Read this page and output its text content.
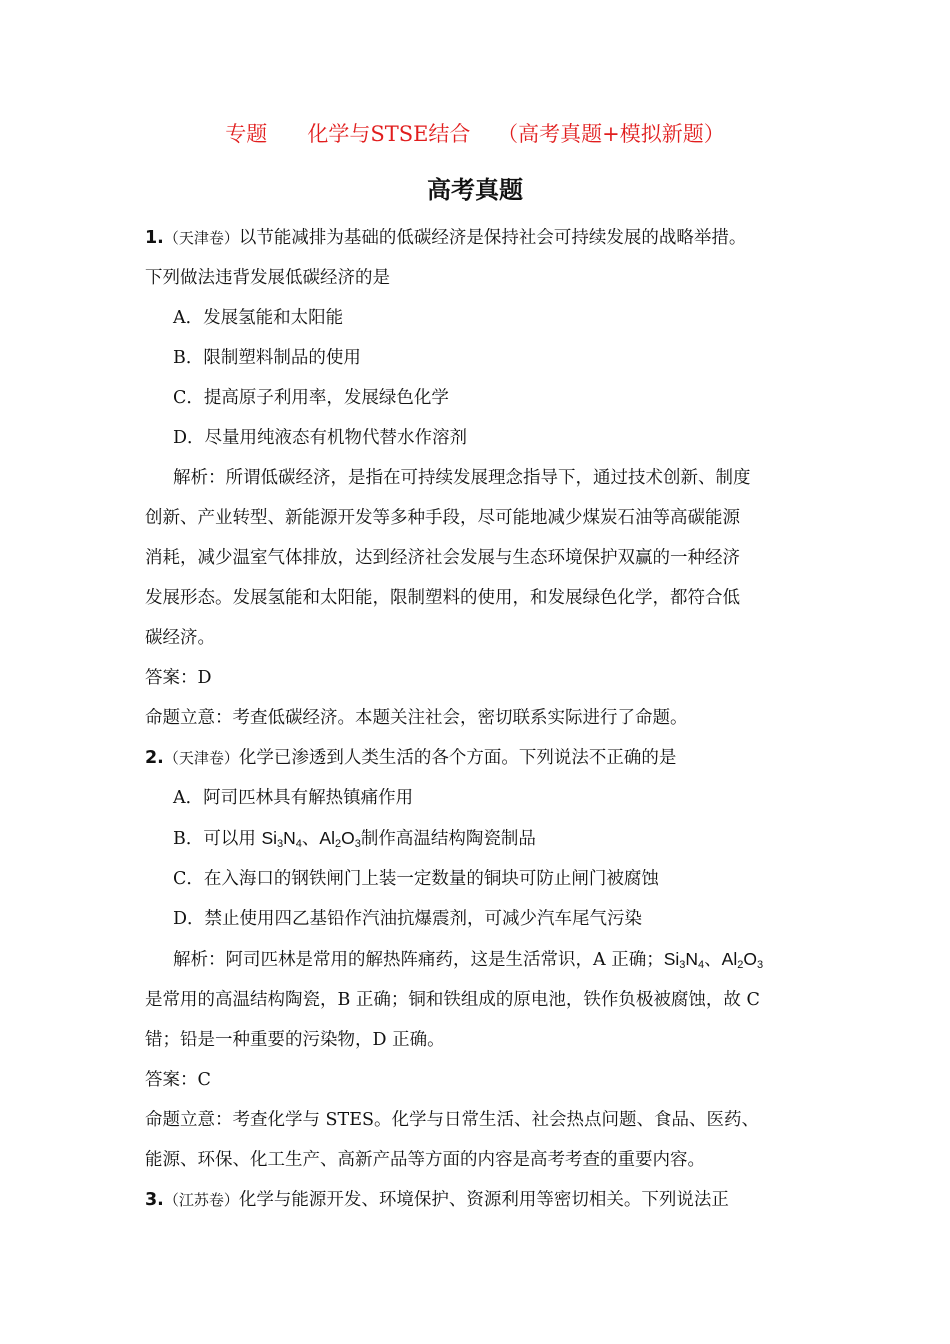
专题      化学与STSE结合    （高考真题+模拟新题）
高考真题
1.（天津卷）以节能减排为基础的低碳经济是保持社会可持续发展的战略举措。
下列做法违背发展低碳经济的是
A．发展氢能和太阳能
B．限制塑料制品的使用
C．提高原子利用率，发展绿色化学
D．尽量用纯液态有机物代替水作溶剂
解析：所谓低碳经济，是指在可持续发展理念指导下，通过技术创新、制度
创新、产业转型、新能源开发等多种手段，尽可能地减少煤炭石油等高碳能源
消耗，减少温室气体排放，达到经济社会发展与生态环境保护双赢的一种经济
发展形态。发展氢能和太阳能，限制塑料的使用，和发展绿色化学，都符合低
碳经济。
答案：D
命题立意：考查低碳经济。本题关注社会，密切联系实际进行了命题。
2.（天津卷）化学已渗透到人类生活的各个方面。下列说法不正确的是
A．阿司匹林具有解热镇痛作用
B．可以用 $Si_3N_4$、$Al_2O_3$制作高温结构陶瓷制品
C．在入海口的钢铁闸门上装一定数量的铜块可防止闸门被腐蚀
D．禁止使用四乙基铅作汽油抗爆震剂，可减少汽车尾气污染
解析：阿司匹林是常用的解热阵痛药，这是生活常识，A 正确；$Si_3N_4$、$Al_2O_3$
是常用的高温结构陶瓷，B 正确；铜和铁组成的原电池，铁作负极被腐蚀，故 C
错；铅是一种重要的污染物，D 正确。
答案：C
命题立意：考查化学与 STES。化学与日常生活、社会热点问题、食品、医药、
能源、环保、化工生产、高新产品等方面的内容是高考考查的重要内容。
3.（江苏卷）化学与能源开发、环境保护、资源利用等密切相关。下列说法正
